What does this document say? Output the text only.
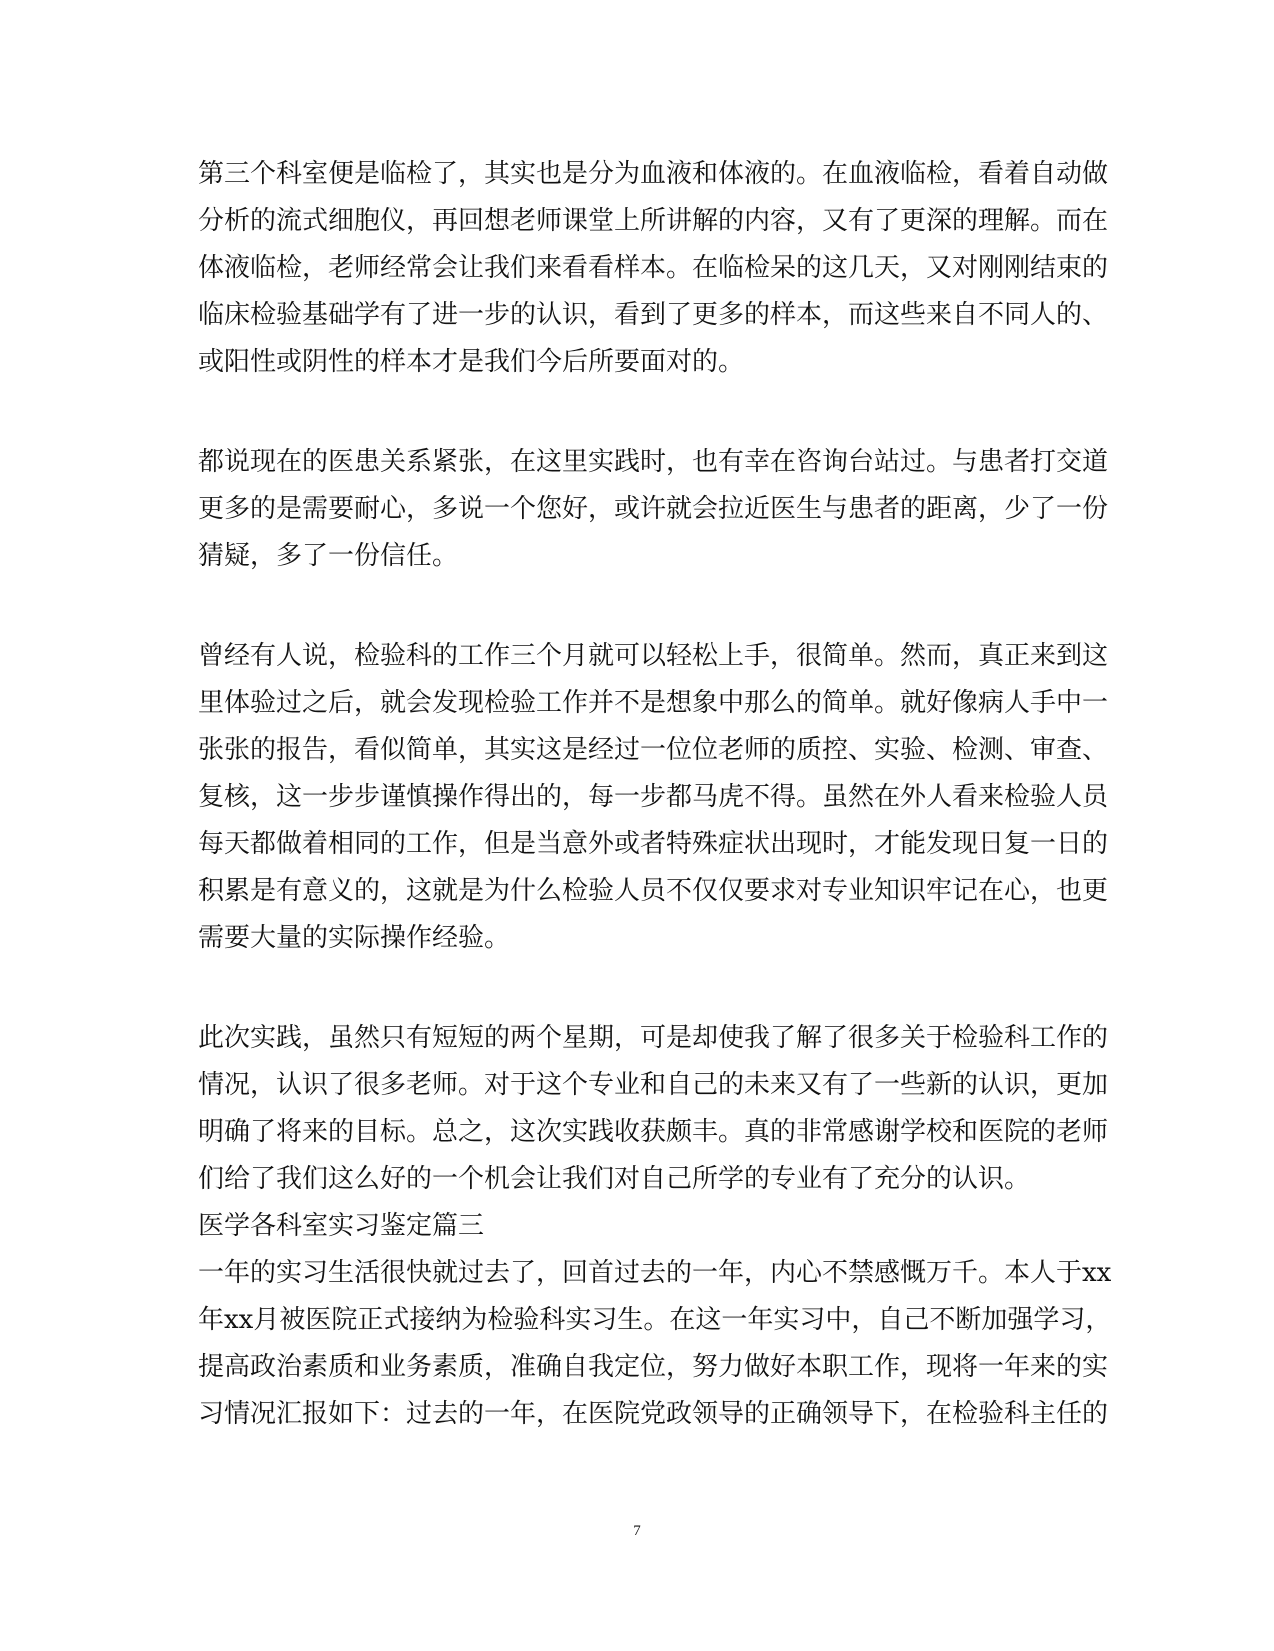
第三个科室便是临检了，其实也是分为血液和体液的。在血液临检，看着自动做
分析的流式细胞仪，再回想老师课堂上所讲解的内容，又有了更深的理解。而在
体液临检，老师经常会让我们来看看样本。在临检呆的这几天，又对刚刚结束的
临床检验基础学有了进一步的认识，看到了更多的样本，而这些来自不同人的、
或阳性或阴性的样本才是我们今后所要面对的。
都说现在的医患关系紧张，在这里实践时，也有幸在咨询台站过。与患者打交道
更多的是需要耐心，多说一个您好，或许就会拉近医生与患者的距离，少了一份
猜疑，多了一份信任。
曾经有人说，检验科的工作三个月就可以轻松上手，很简单。然而，真正来到这
里体验过之后，就会发现检验工作并不是想象中那么的简单。就好像病人手中一
张张的报告，看似简单，其实这是经过一位位老师的质控、实验、检测、审查、
复核，这一步步谨慎操作得出的，每一步都马虎不得。虽然在外人看来检验人员
每天都做着相同的工作，但是当意外或者特殊症状出现时，才能发现日复一日的
积累是有意义的，这就是为什么检验人员不仅仅要求对专业知识牢记在心，也更
需要大量的实际操作经验。
此次实践，虽然只有短短的两个星期，可是却使我了解了很多关于检验科工作的
情况，认识了很多老师。对于这个专业和自己的未来又有了一些新的认识，更加
明确了将来的目标。总之，这次实践收获颇丰。真的非常感谢学校和医院的老师
们给了我们这么好的一个机会让我们对自己所学的专业有了充分的认识。
医学各科室实习鉴定篇三
一年的实习生活很快就过去了，回首过去的一年，内心不禁感慨万千。本人于xx
年xx月被医院正式接纳为检验科实习生。在这一年实习中，自己不断加强学习，
提高政治素质和业务素质，准确自我定位，努力做好本职工作，现将一年来的实
习情况汇报如下：过去的一年，在医院党政领导的正确领导下，在检验科主任的
7
